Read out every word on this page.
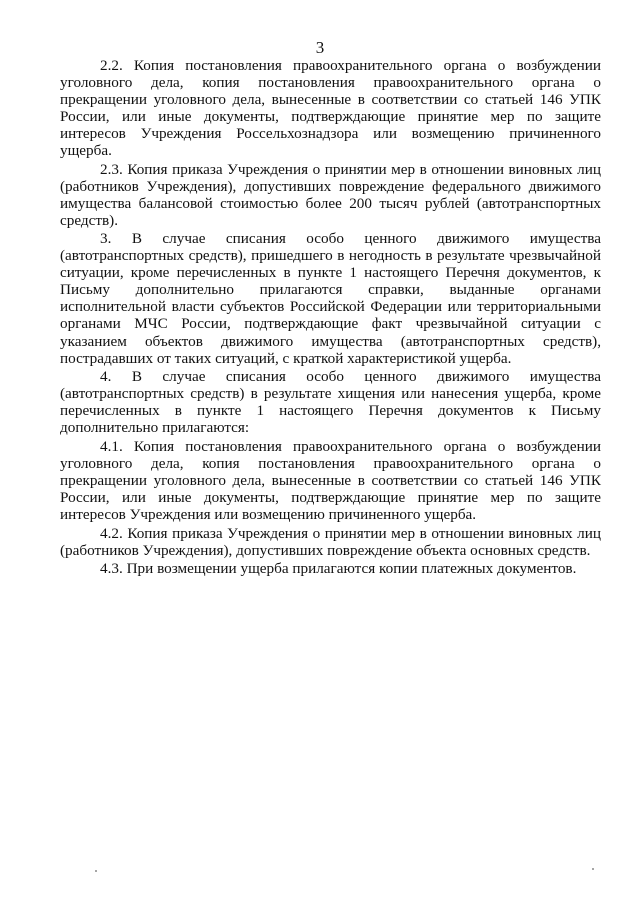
3

2.2. Копия постановления правоохранительного органа о возбуждении уголовного дела, копия постановления правоохранительного органа о прекращении уголовного дела, вынесенные в соответствии со статьей 146 УПК России, или иные документы, подтверждающие принятие мер по защите интересов Учреждения Россельхознадзора или возмещению причиненного ущерба.

2.3. Копия приказа Учреждения о принятии мер в отношении виновных лиц (работников Учреждения), допустивших повреждение федерального движимого имущества балансовой стоимостью более 200 тысяч рублей (автотранспортных средств).

3. В случае списания особо ценного движимого имущества (автотранспортных средств), пришедшего в негодность в результате чрезвычайной ситуации, кроме перечисленных в пункте 1 настоящего Перечня документов, к Письму дополнительно прилагаются справки, выданные органами исполнительной власти субъектов Российской Федерации или территориальными органами МЧС России, подтверждающие факт чрезвычайной ситуации с указанием объектов движимого имущества (автотранспортных средств), пострадавших от таких ситуаций, с краткой характеристикой ущерба.

4. В случае списания особо ценного движимого имущества (автотранспортных средств) в результате хищения или нанесения ущерба, кроме перечисленных в пункте 1 настоящего Перечня документов к Письму дополнительно прилагаются:

4.1. Копия постановления правоохранительного органа о возбуждении уголовного дела, копия постановления правоохранительного органа о прекращении уголовного дела, вынесенные в соответствии со статьей 146 УПК России, или иные документы, подтверждающие принятие мер по защите интересов Учреждения или возмещению причиненного ущерба.

4.2. Копия приказа Учреждения о принятии мер в отношении виновных лиц (работников Учреждения), допустивших повреждение объекта основных средств.

4.3. При возмещении ущерба прилагаются копии платежных документов.
